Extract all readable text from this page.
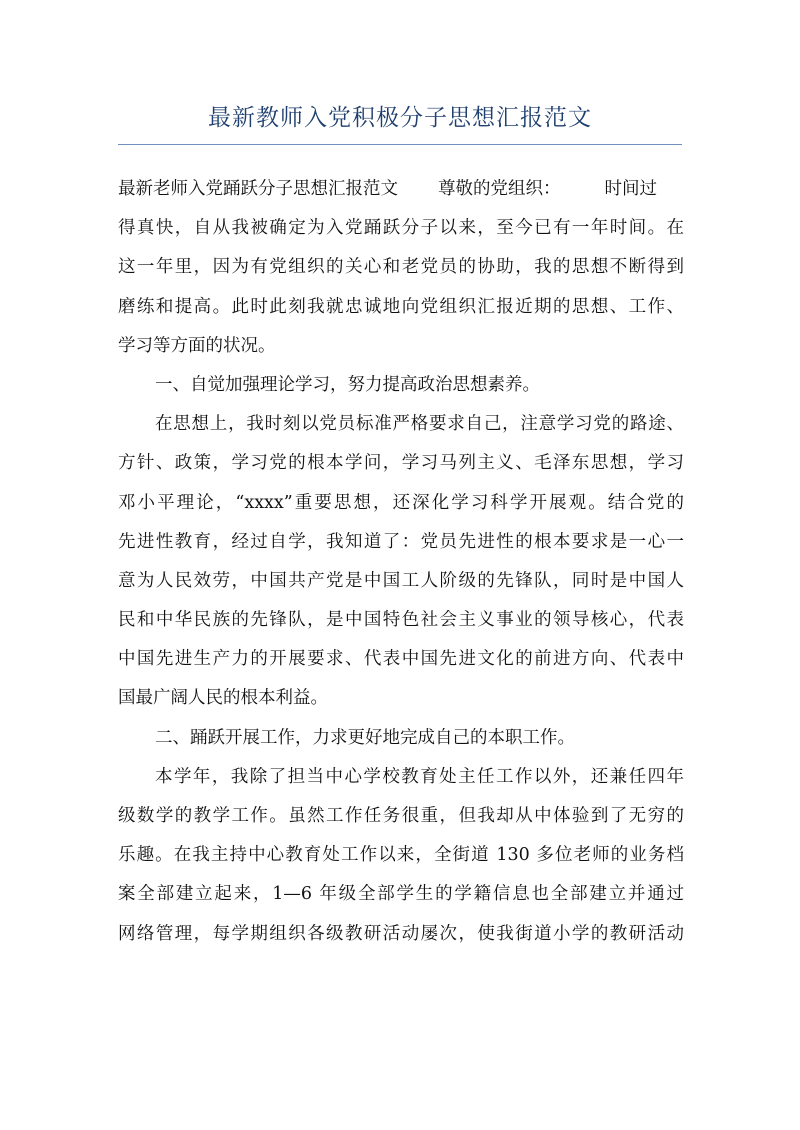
最新教师入党积极分子思想汇报范文
最新老师入党踊跃分子思想汇报范文 尊敬的党组织：	时间过
得真快，自从我被确定为入党踊跃分子以来，至今已有一年时间。在
这一年里，因为有党组织的关心和老党员的协助，我的思想不断得到
磨练和提高。此时此刻我就忠诚地向党组织汇报近期的思想、工作、
学习等方面的状况。
一、自觉加强理论学习，努力提高政治思想素养。
在思想上，我时刻以党员标准严格要求自己，注意学习党的路途、
方针、政策，学习党的根本学问，学习马列主义、毛泽东思想，学习
邓小平理论，“xxxx”重要思想，还深化学习科学开展观。结合党的
先进性教育，经过自学，我知道了：党员先进性的根本要求是一心一
意为人民效劳，中国共产党是中国工人阶级的先锋队，同时是中国人
民和中华民族的先锋队，是中国特色社会主义事业的领导核心，代表
中国先进生产力的开展要求、代表中国先进文化的前进方向、代表中
国最广阔人民的根本利益。
二、踊跃开展工作，力求更好地完成自己的本职工作。
本学年，我除了担当中心学校教育处主任工作以外，还兼任四年
级数学的教学工作。虽然工作任务很重，但我却从中体验到了无穷的
乐趣。在我主持中心教育处工作以来，全街道 130 多位老师的业务档
案全部建立起来，1—6 年级全部学生的学籍信息也全部建立并通过
网络管理，每学期组织各级教研活动屡次，使我街道小学的教研活动
